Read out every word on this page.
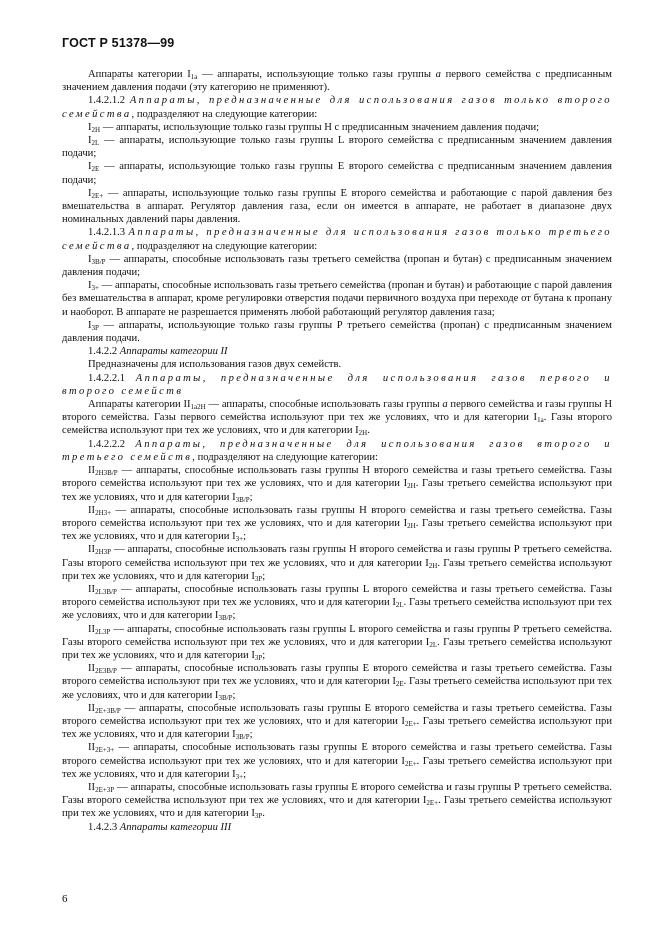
ГОСТ Р 51378—99

Аппараты категории $I_{1a}$ — аппараты, использующие только газы группы а первого семейства с предписанным значением давления подачи (эту категорию не применяют).

1.4.2.1.2 Аппараты, предназначенные для использования газов только второго семейства, подразделяют на следующие категории:

$I_{2H}$ — аппараты, использующие только газы группы Н с предписанным значением давления подачи;

$I_{2L}$ — аппараты, использующие только газы группы L второго семейства с предписанным значением давления подачи;

$I_{2E}$ — аппараты, использующие только газы группы Е второго семейства с предписанным значением давления подачи;

$I_{2E+}$ — аппараты, использующие только газы группы Е второго семейства и работающие с парой давления без вмешательства в аппарат. Регулятор давления газа, если он имеется в аппарате, не работает в диапазоне двух номинальных давлений пары давления.

1.4.2.1.3 Аппараты, предназначенные для использования газов только третьего семейства, подразделяют на следующие категории:

$I_{3B/P}$ — аппараты, способные использовать газы третьего семейства (пропан и бутан) с предписанным значением давления подачи;

$I_{3+}$ — аппараты, способные использовать газы третьего семейства (пропан и бутан) и работающие с парой давления без вмешательства в аппарат, кроме регулировки отверстия подачи первичного воздуха при переходе от бутана к пропану и наоборот. В аппарате не разрешается применять любой работающий регулятор давления газа;

$I_{3P}$ — аппараты, использующие только газы группы Р третьего семейства (пропан) с предписанным значением давления подачи.

1.4.2.2 Аппараты категории II

Предназначены для использования газов двух семейств.

1.4.2.2.1 Аппараты, предназначенные для использования газов первого и второго семейств

Аппараты категории $II_{1a2H}$ — аппараты, способные использовать газы группы а первого семейства и газы группы Н второго семейства. Газы первого семейства используют при тех же условиях, что и для категории $I_{1a}$. Газы второго семейства используют при тех же условиях, что и для категории $I_{2H}$.

1.4.2.2.2 Аппараты, предназначенные для использования газов второго и третьего семейств, подразделяют на следующие категории:

$II_{2H3B/P}$ — аппараты, способные использовать газы группы Н второго семейства и газы третьего семейства. Газы второго семейства используют при тех же условиях, что и для категории $I_{2H}$. Газы третьего семейства используют при тех же условиях, что и для категории $I_{3B/P}$;

$II_{2H3+}$ — аппараты, способные использовать газы группы Н второго семейства и газы третьего семейства. Газы второго семейства используют при тех же условиях, что и для категории $I_{2H}$. Газы третьего семейства используют при тех же условиях, что и для категории $I_{3+}$;

$II_{2H3P}$ — аппараты, способные использовать газы группы Н второго семейства и газы группы Р третьего семейства. Газы второго семейства используют при тех же условиях, что и для категории $I_{2H}$. Газы третьего семейства используют при тех же условиях, что и для категории $I_{3P}$;

$II_{2L3B/P}$ — аппараты, способные использовать газы группы L второго семейства и газы третьего семейства. Газы второго семейства используют при тех же условиях, что и для категории $I_{2L}$. Газы третьего семейства используют при тех же условиях, что и для категории $I_{3B/P}$;

$II_{2L3P}$ — аппараты, способные использовать газы группы L второго семейства и газы группы Р третьего семейства. Газы второго семейства используют при тех же условиях, что и для категории $I_{2L}$. Газы третьего семейства используют при тех же условиях, что и для категории $I_{3P}$;

$II_{2E3B/P}$ — аппараты, способные использовать газы группы Е второго семейства и газы третьего семейства. Газы второго семейства используют при тех же условиях, что и для категории $I_{2E}$. Газы третьего семейства используют при тех же условиях, что и для категории $I_{3B/P}$;

$II_{2E+3B/P}$ — аппараты, способные использовать газы группы Е второго семейства и газы третьего семейства. Газы второго семейства используют при тех же условиях, что и для категории $I_{2E+}$. Газы третьего семейства используют при тех же условиях, что и для категории $I_{3B/P}$;

$II_{2E+3+}$ — аппараты, способные использовать газы группы Е второго семейства и газы третьего семейства. Газы второго семейства используют при тех же условиях, что и для категории $I_{2E+}$. Газы третьего семейства используют при тех же условиях, что и для категории $I_{3+}$;

$II_{2E+3P}$ — аппараты, способные использовать газы группы Е второго семейства и газы группы Р третьего семейства. Газы второго семейства используют при тех же условиях, что и для категории $I_{2E+}$. Газы третьего семейства используют при тех же условиях, что и для категории $I_{3P}$.

1.4.2.3 Аппараты категории III

6
